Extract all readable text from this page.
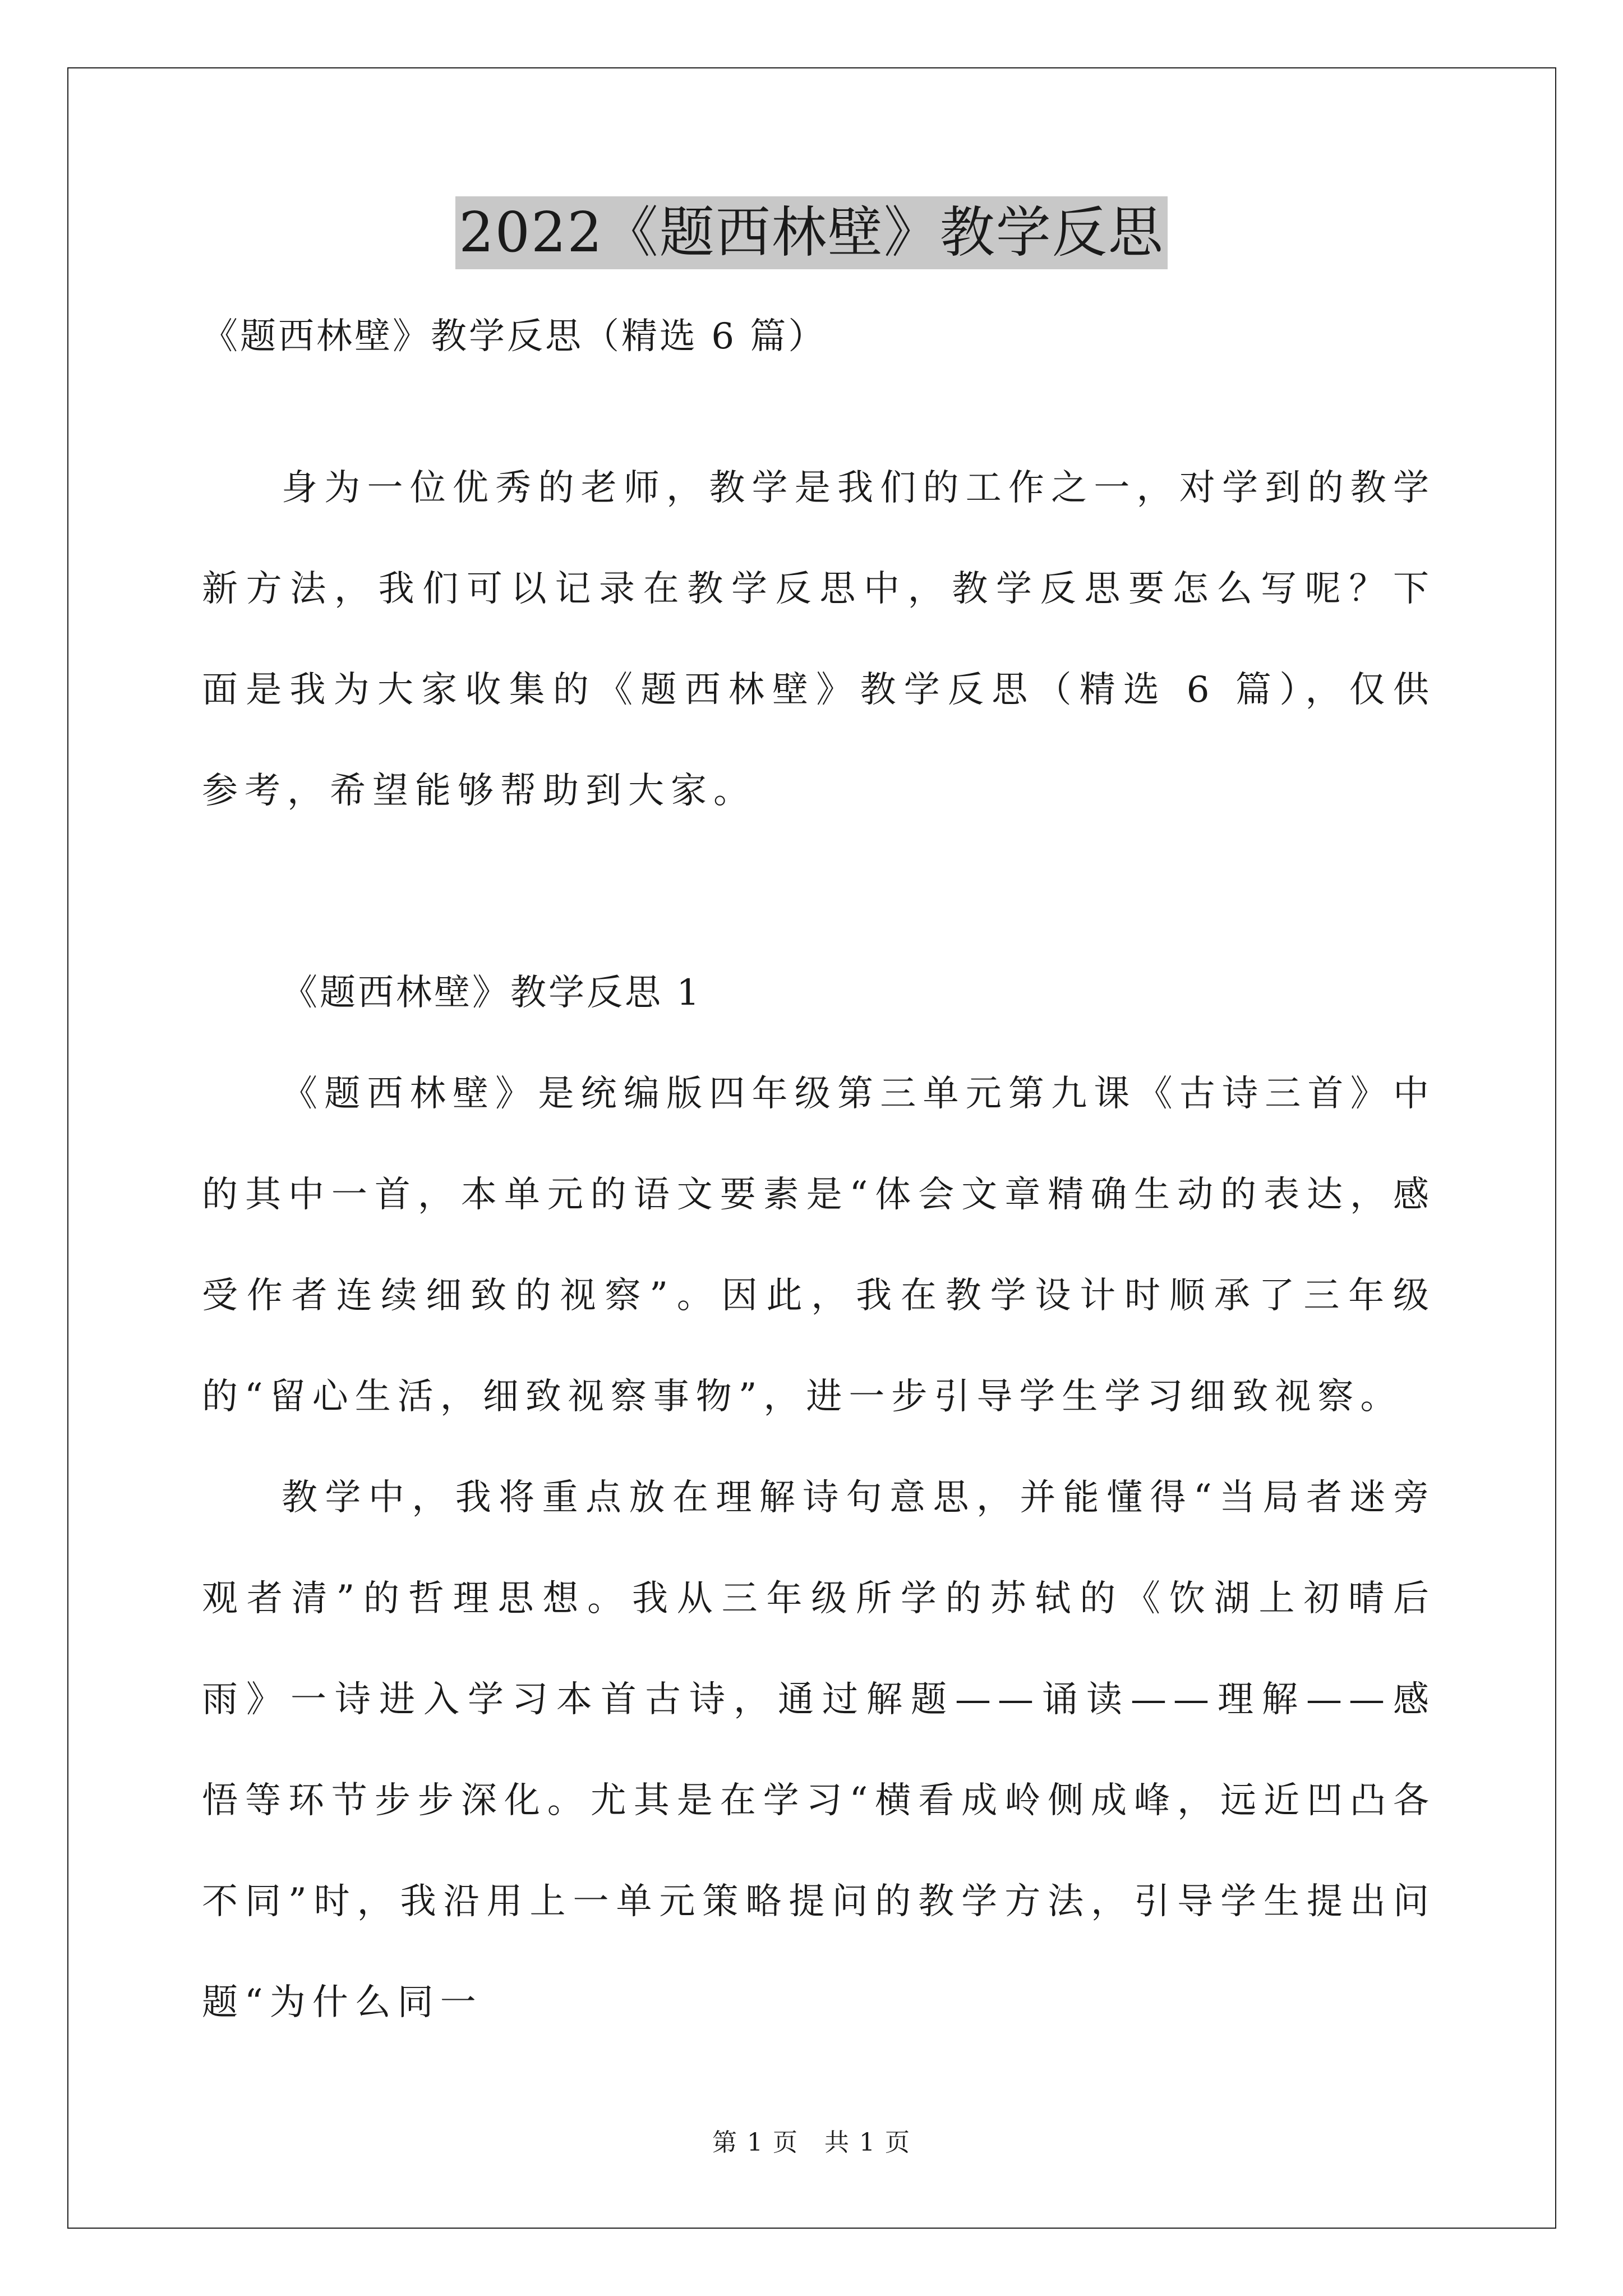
2022《题西林壁》教学反思
《题西林壁》教学反思（精选 6 篇）

身为一位优秀的老师，教学是我们的工作之一，对学到的教学新方法，我们可以记录在教学反思中，教学反思要怎么写呢？下面是我为大家收集的《题西林壁》教学反思（精选 6 篇），仅供参考，希望能够帮助到大家。

《题西林壁》教学反思 1

《题西林壁》是统编版四年级第三单元第九课《古诗三首》中的其中一首，本单元的语文要素是“体会文章精确生动的表达，感受作者连续细致的视察”。因此，我在教学设计时顺承了三年级的“留心生活，细致视察事物”，进一步引导学生学习细致视察。

教学中，我将重点放在理解诗句意思，并能懂得“当局者迷旁观者清”的哲理思想。我从三年级所学的苏轼的《饮湖上初晴后雨》一诗进入学习本首古诗，通过解题——诵读——理解——感悟等环节步步深化。尤其是在学习“横看成岭侧成峰，远近凹凸各不同”时，我沿用上一单元策略提问的教学方法，引导学生提出问题“为什么同一

第 1 页　共 1 页
